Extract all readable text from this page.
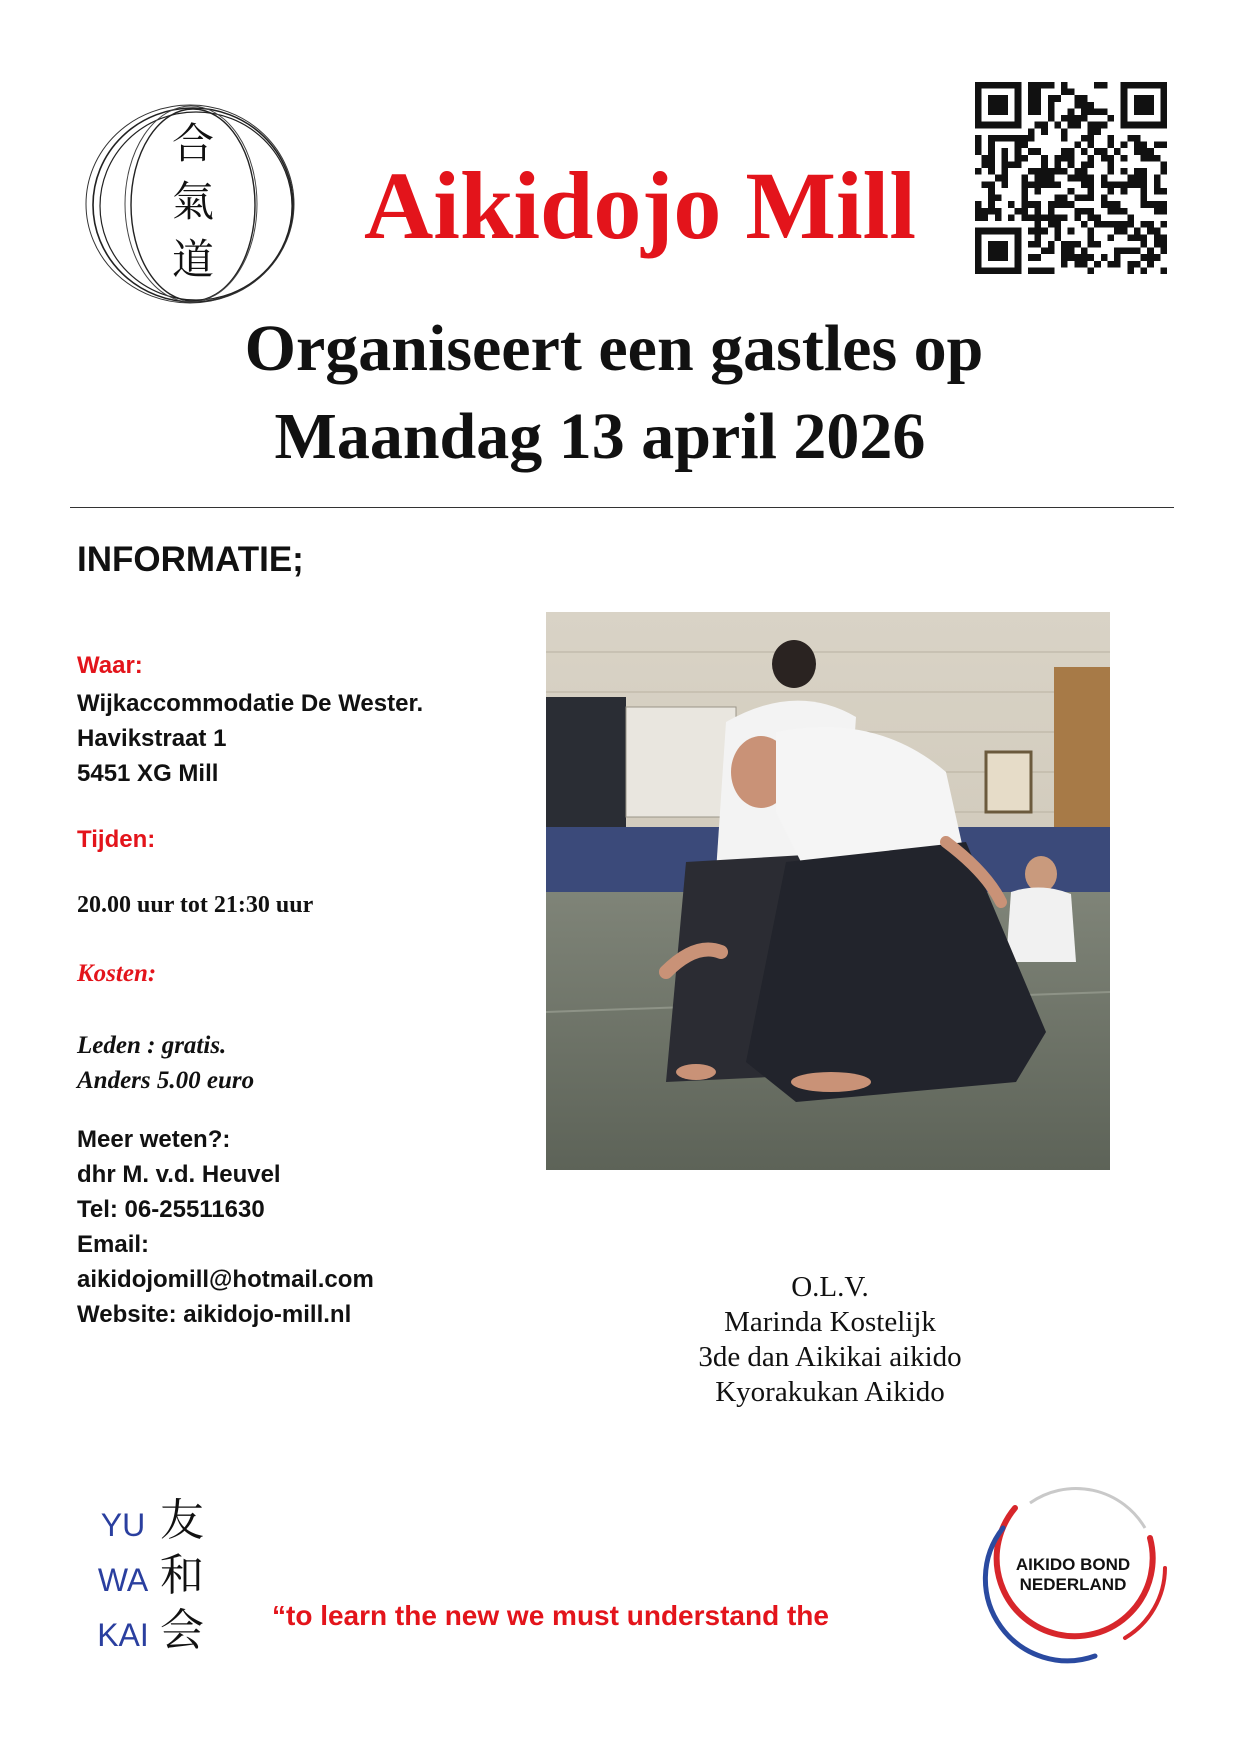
合
氣
道
Aikidojo Mill
Organiseert een gastles op
Maandag 13 april 2026
INFORMATIE;
Waar:
Wijkaccommodatie De Wester.
Havikstraat 1
5451 XG Mill
Tijden:
20.00 uur tot 21:30 uur
Kosten:
Leden : gratis.
Anders 5.00 euro
Meer weten?:
dhr M. v.d. Heuvel
Tel: 06-25511630
Email:
aikidojomill@hotmail.com
Website: aikidojo-mill.nl
O.L.V.
Marinda Kostelijk
3de dan Aikikai aikido
Kyorakukan Aikido
YU
WA
KAI
友
和
会 “to learn the new we must understand the
AIKIDO BOND
NEDERLAND
